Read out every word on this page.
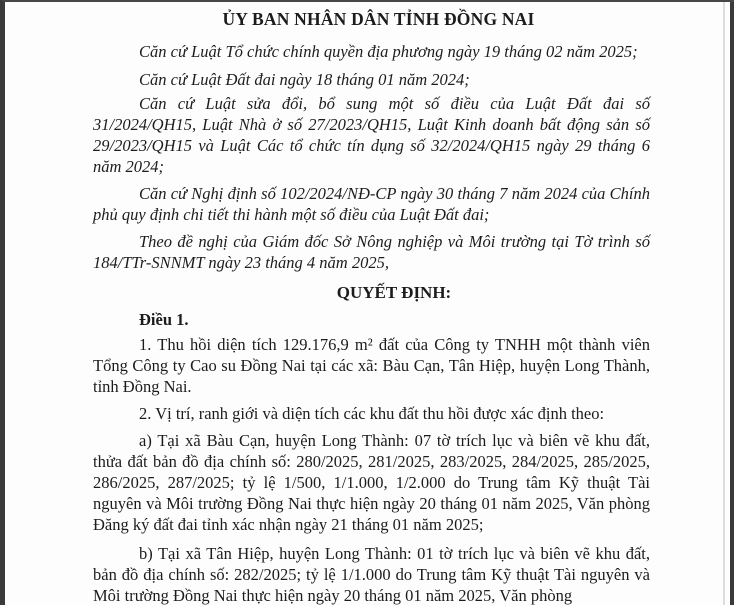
ỦY BAN NHÂN DÂN TỈNH ĐỒNG NAI

Căn cứ Luật Tổ chức chính quyền địa phương ngày 19 tháng 02 năm 2025;

Căn cứ Luật Đất đai ngày 18 tháng 01 năm 2024;

Căn cứ Luật sửa đổi, bổ sung một số điều của Luật Đất đai số 31/2024/QH15, Luật Nhà ở số 27/2023/QH15, Luật Kinh doanh bất động sản số 29/2023/QH15 và Luật Các tổ chức tín dụng số 32/2024/QH15 ngày 29 tháng 6 năm 2024;

Căn cứ Nghị định số 102/2024/NĐ-CP ngày 30 tháng 7 năm 2024 của Chính phủ quy định chi tiết thi hành một số điều của Luật Đất đai;

Theo đề nghị của Giám đốc Sở Nông nghiệp và Môi trường tại Tờ trình số 184/TTr-SNNMT ngày 23 tháng 4 năm 2025,

QUYẾT ĐỊNH:
Điều 1.

1. Thu hồi diện tích 129.176,9 m² đất của Công ty TNHH một thành viên Tổng Công ty Cao su Đồng Nai tại các xã: Bàu Cạn, Tân Hiệp, huyện Long Thành, tỉnh Đồng Nai.

2. Vị trí, ranh giới và diện tích các khu đất thu hồi được xác định theo:

a) Tại xã Bàu Cạn, huyện Long Thành: 07 tờ trích lục và biên vẽ khu đất, thửa đất bản đồ địa chính số: 280/2025, 281/2025, 283/2025, 284/2025, 285/2025, 286/2025, 287/2025; tỷ lệ 1/500, 1/1.000, 1/2.000 do Trung tâm Kỹ thuật Tài nguyên và Môi trường Đồng Nai thực hiện ngày 20 tháng 01 năm 2025, Văn phòng Đăng ký đất đai tỉnh xác nhận ngày 21 tháng 01 năm 2025;

b) Tại xã Tân Hiệp, huyện Long Thành: 01 tờ trích lục và biên vẽ khu đất, bản đồ địa chính số: 282/2025; tỷ lệ 1/1.000 do Trung tâm Kỹ thuật Tài nguyên và Môi trường Đồng Nai thực hiện ngày 20 tháng 01 năm 2025, Văn phòng
